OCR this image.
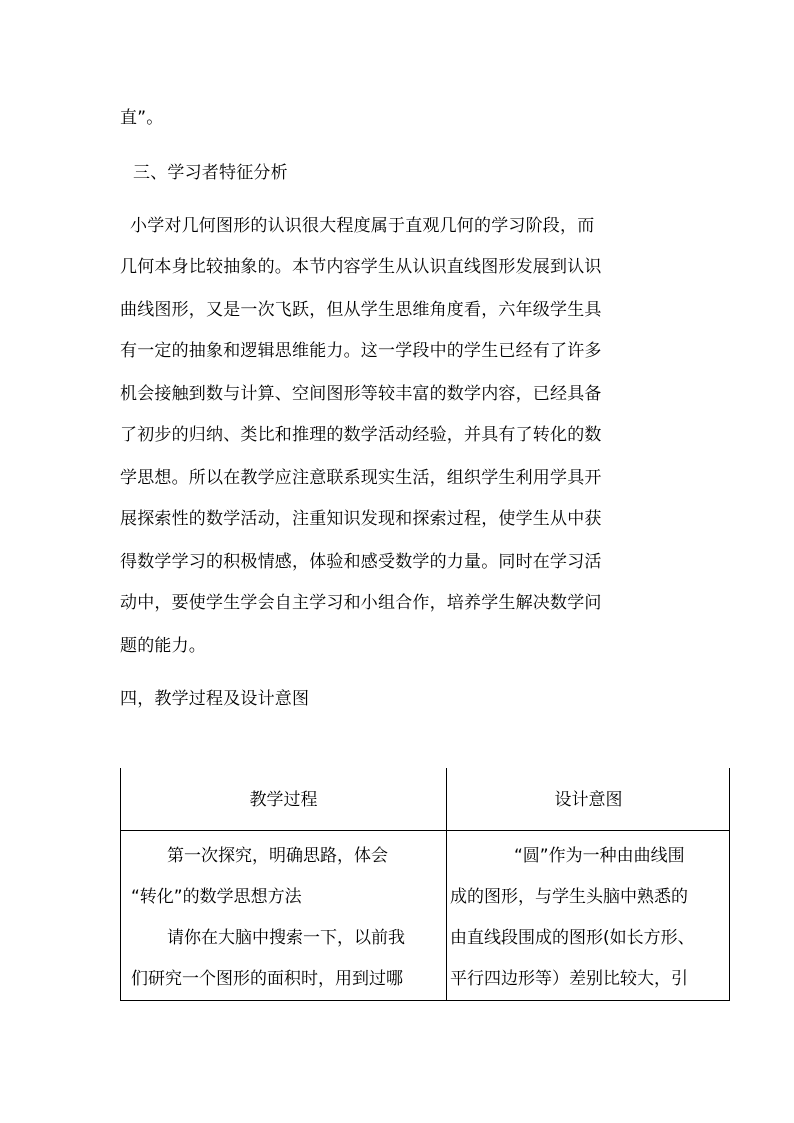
直”。
三、学习者特征分析
小学对几何图形的认识很大程度属于直观几何的学习阶段，而
几何本身比较抽象的。本节内容学生从认识直线图形发展到认识
曲线图形，又是一次飞跃，但从学生思维角度看，六年级学生具
有一定的抽象和逻辑思维能力。这一学段中的学生已经有了许多
机会接触到数与计算、空间图形等较丰富的数学内容，已经具备
了初步的归纳、类比和推理的数学活动经验，并具有了转化的数
学思想。所以在教学应注意联系现实生活，组织学生利用学具开
展探索性的数学活动，注重知识发现和探索过程，使学生从中获
得数学学习的积极情感，体验和感受数学的力量。同时在学习活
动中，要使学生学会自主学习和小组合作，培养学生解决数学问
题的能力。
四，教学过程及设计意图
教学过程	设计意图
第一次探究，明确思路，体会
“转化”的数学思想方法
请你在大脑中搜索一下，以前我
们研究一个图形的面积时，用到过哪
“圆”作为一种由曲线围
成的图形，与学生头脑中熟悉的
由直线段围成的图形(如长方形、
平行四边形等）差别比较大，引
